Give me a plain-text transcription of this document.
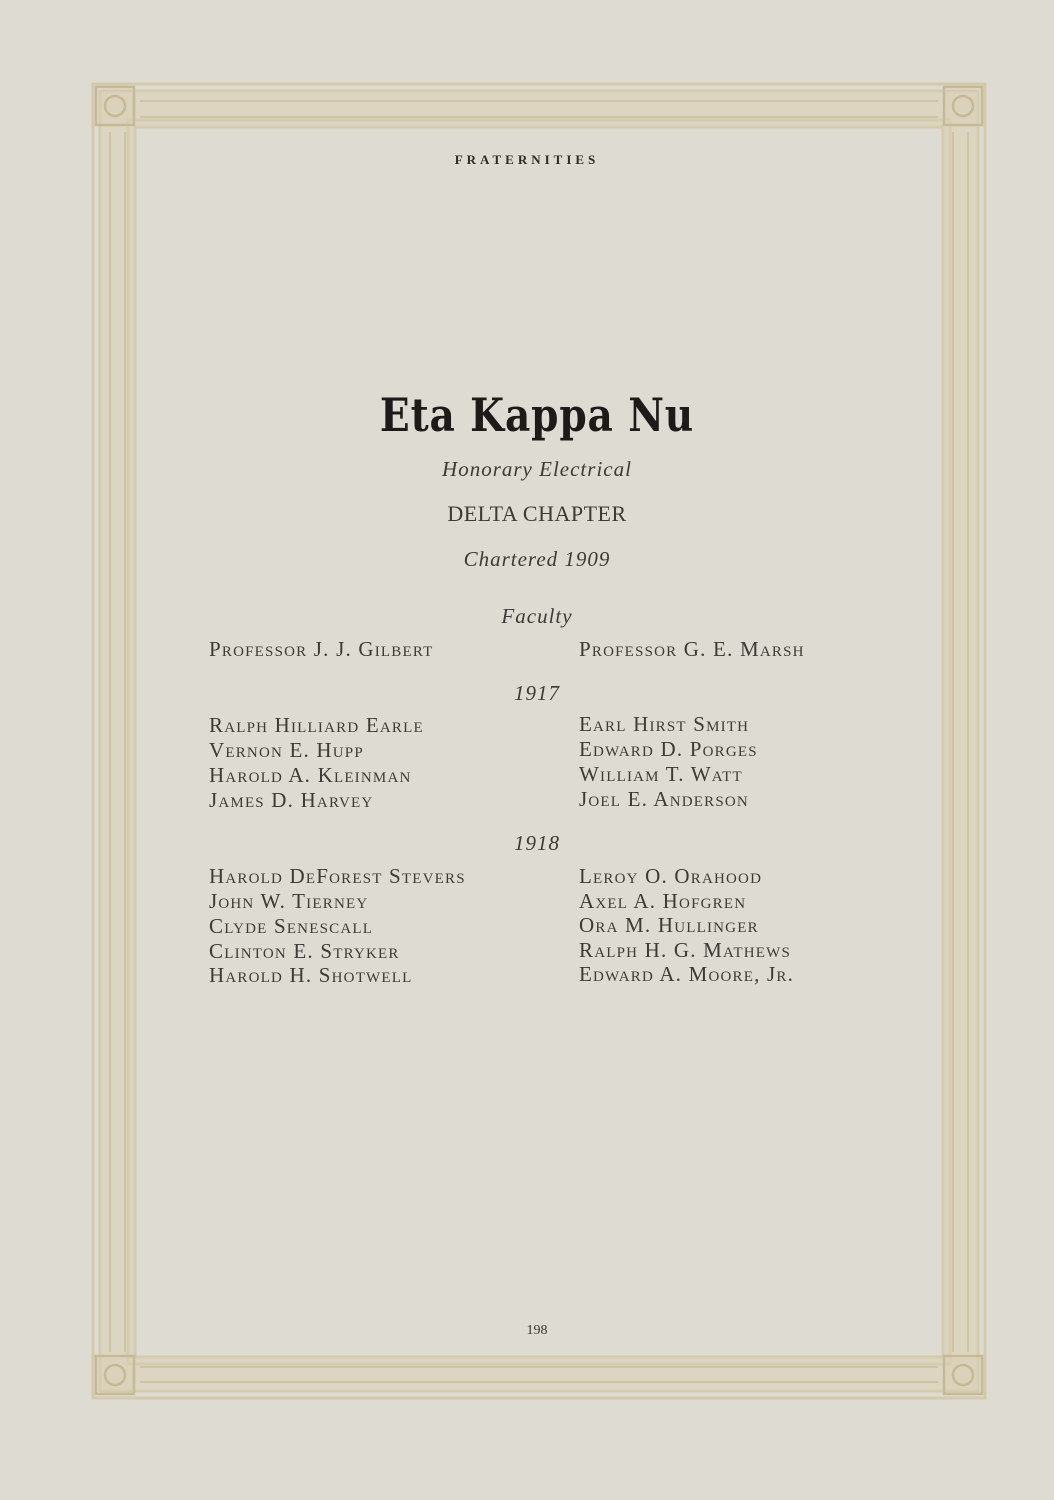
FRATERNITIES
Eta Kappa Nu
Honorary Electrical
DELTA CHAPTER
Chartered 1909
Faculty
Professor J. J. Gilbert	Professor G. E. Marsh
1917
Ralph Hilliard Earle
Vernon E. Hupp
Harold A. Kleinman
James D. Harvey
Earl Hirst Smith
Edward D. Porges
William T. Watt
Joel E. Anderson
1918
Harold DeForest Stevers
John W. Tierney
Clyde Senescall
Clinton E. Stryker
Harold H. Shotwell
Leroy O. Orahood
Axel A. Hofgren
Ora M. Hullinger
Ralph H. G. Mathews
Edward A. Moore, Jr.
198
